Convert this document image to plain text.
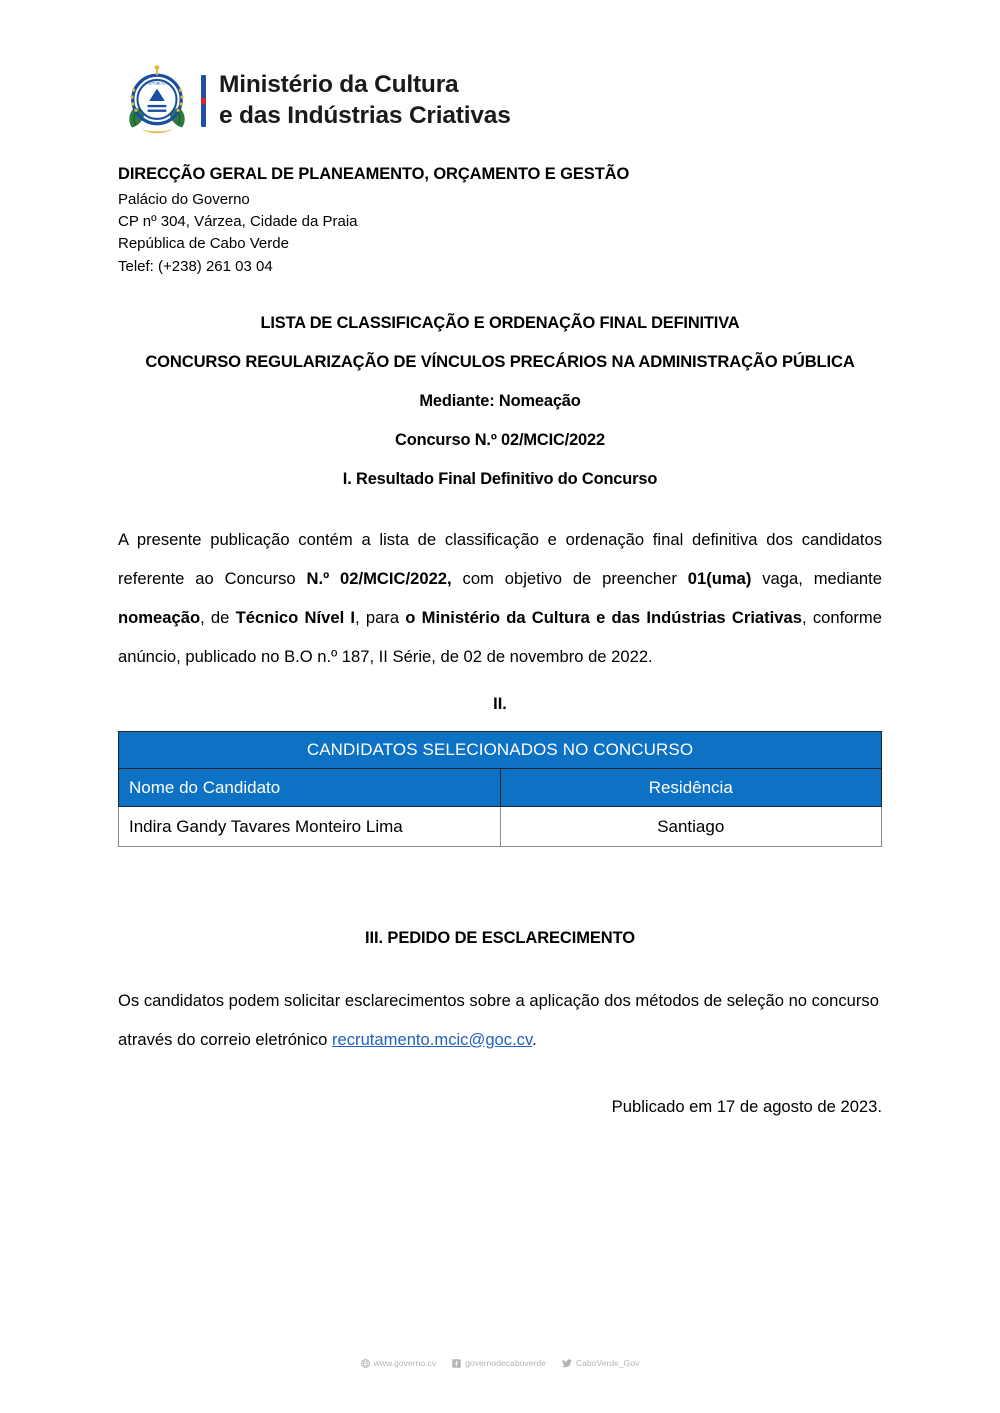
REPUBLICA Ministério da Cultura
e das Indústrias Criativas
DIRECÇÃO GERAL DE PLANEAMENTO, ORÇAMENTO E GESTÃO
Palácio do Governo
CP nº 304, Várzea, Cidade da Praia
República de Cabo Verde
Telef: (+238) 261 03 04
LISTA DE CLASSIFICAÇÃO E ORDENAÇÃO FINAL DEFINITIVA
CONCURSO REGULARIZAÇÃO DE VÍNCULOS PRECÁRIOS NA ADMINISTRAÇÃO PÚBLICA
Mediante: Nomeação
Concurso N.º 02/MCIC/2022
I. Resultado Final Definitivo do Concurso

A presente publicação contém a lista de classificação e ordenação final definitiva dos candidatos referente ao Concurso N.º 02/MCIC/2022, com objetivo de preencher 01(uma) vaga, mediante nomeação, de Técnico Nível I, para o Ministério da Cultura e das Indústrias Criativas, conforme anúncio, publicado no B.O n.º 187, II Série, de 02 de novembro de 2022.

II.
CANDIDATOS SELECIONADOS NO CONCURSO	
Nome do Candidato	Residência
Indira Gandy Tavares Monteiro Lima	Santiago
III. PEDIDO DE ESCLARECIMENTO

Os candidatos podem solicitar esclarecimentos sobre a aplicação dos métodos de seleção no concurso através do correio eletrónico recrutamento.mcic@goc.cv.

Publicado em 17 de agosto de 2023.
www.governo.cv	governodecaboverde	CaboVerde_Gov
